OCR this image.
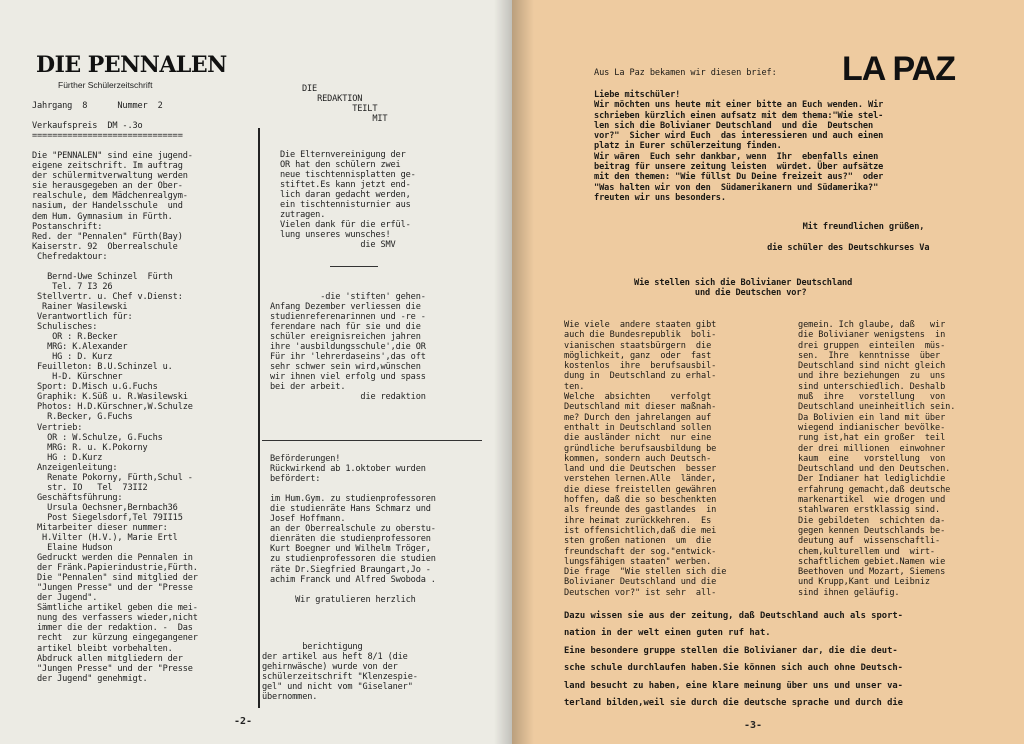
DIE PENNALEN
Fürther Schülerzeitschrift
Jahrgang  8      Nummer  2

Verkaufspreis  DM -.3o
==============================

Die "PENNALEN" sind eine jugend-
eigene zeitschrift. Im auftrag
der schülermitverwaltung werden
sie herausgegeben an der Ober-
realschule, dem Mädchenrealgym-
nasium, der Handelsschule  und
dem Hum. Gymnasium in Fürth.
Postanschrift:
Red. der "Pennalen" Fürth(Bay)
Kaiserstr. 92  Oberrealschule
Chefredaktour:

Bernd-Uwe Schinzel  Fürth
Tel. 7 I3 26
Stellvertr. u. Chef v.Dienst:
Rainer Wasilewski
Verantwortlich für:
Schulisches:
OR : R.Becker
MRG: K.Alexander
HG : D. Kurz
Feuilleton: B.U.Schinzel u.
H-D. Kürschner
Sport: D.Misch u.G.Fuchs
Graphik: K.Süß u. R.Wasilewski
Photos: H.D.Kürschner,W.Schulze
R.Becker, G.Fuchs
Vertrieb:
OR : W.Schulze, G.Fuchs
MRG: R. u. K.Pokorny
HG : D.Kurz
Anzeigenleitung:
Renate Pokorny, Fürth,Schul -
str. IO   Tel  73II2
Geschäftsführung:
Ursula Oechsner,Bernbach36
Post Siegelsdorf,Tel 79II15
Mitarbeiter dieser nummer:
H.Vilter (H.V.), Marie Ertl
Elaine Hudson
Gedruckt werden die Pennalen in
der Fränk.Papierindustrie,Fürth.
Die "Pennalen" sind mitglied der
"Jungen Presse" und der "Presse
der Jugend".
Sämtliche artikel geben die mei-
nung des verfassers wieder,nicht
immer die der redaktion. -  Das
recht  zur kürzung eingegangener
artikel bleibt vorbehalten.
Abdruck allen mitgliedern der
"Jungen Presse" und der "Presse
der Jugend" genehmigt.
DIE
REDAKTION
TEILT
MIT
Die Elternvereinigung der
OR hat den schülern zwei
neue tischtennisplatten ge-
stiftet.Es kann jetzt end-
lich daran gedacht werden,
ein tischtennisturnier aus
zutragen.
Vielen dank für die erfül-
lung unseres wunsches!
die SMV
-die 'stiften' gehen-
Anfang Dezember verliessen die
studienreferenarinnen und -re -
ferendare nach für sie und die
schüler ereignisreichen jahren
ihre 'ausbildungsschule',die OR
Für ihr 'lehrerdaseins',das oft
sehr schwer sein wird,wünschen
wir ihnen viel erfolg und spass
bei der arbeit.
die redaktion
Beförderungen!
Rückwirkend ab 1.oktober wurden
befördert:

im Hum.Gym. zu studienprofessoren
die studienräte Hans Schmarz und
Josef Hoffmann.
an der Oberrealschule zu oberstu-
dienräten die studienprofessoren
Kurt Boegner und Wilhelm Tröger,
zu studienprofessoren die studien
räte Dr.Siegfried Braungart,Jo -
achim Franck und Alfred Swoboda .

Wir gratulieren herzlich
berichtigung
der artikel aus heft 8/1 (die
gehirnwäsche) wurde von der
schülerzeitschrift "Klenzespie-
gel" und nicht vom "Giselaner"
übernommen.
-2-
Aus La Paz bekamen wir diesen brief: LA PAZ
Liebe mitschüler!
Wir möchten uns heute mit einer bitte an Euch wenden. Wir
schrieben kürzlich einen aufsatz mit dem thema:"Wie stel-
len sich die Bolivianer Deutschland  und die  Deutschen
vor?"  Sicher wird Euch  das interessieren und auch einen
platz in Eurer schülerzeitung finden.
Wir wären  Euch sehr dankbar, wenn  Ihr  ebenfalls einen
beitrag für unsere zeitung leisten  würdet. Über aufsätze
mit den themen: "Wie füllst Du Deine freizeit aus?"  oder
"Was halten wir von den  Südamerikanern und Südamerika?"
freuten wir uns besonders.
Mit freundlichen grüßen,

die schüler des Deutschkurses Va
Wie stellen sich die Bolivianer Deutschland
und die Deutschen vor?
Wie viele  andere staaten gibt
auch die Bundesrepublik  boli-
vianischen staatsbürgern  die
möglichkeit, ganz  oder  fast
kostenlos  ihre  berufsausbil-
dung in  Deutschland zu erhal-
ten.
Welche  absichten    verfolgt
Deutschland mit dieser maßnah-
me? Durch den jahrelangen auf
enthalt in Deutschland sollen
die ausländer nicht  nur eine
gründliche berufsausbildung be
kommen, sondern auch Deutsch-
land und die Deutschen  besser
verstehen lernen.Alle  länder,
die diese freistellen gewähren
hoffen, daß die so beschenkten
als freunde des gastlandes  in
ihre heimat zurückkehren.  Es
ist offensichtlich,daß die mei
sten großen nationen  um  die
freundschaft der sog."entwick-
lungsfähigen staaten" werben.
Die frage  "Wie stellen sich die
Bolivianer Deutschland und die
Deutschen vor?" ist sehr  all-
gemein. Ich glaube, daß   wir
die Bolivianer wenigstens  in
drei gruppen  einteilen  müs-
sen.  Ihre  kenntnisse  über
Deutschland sind nicht gleich
und ihre beziehungen  zu  uns
sind unterschiedlich. Deshalb
muß  ihre   vorstellung   von
Deutschland uneinheitlich sein.
Da Bolivien ein land mit über
wiegend indianischer bevölke-
rung ist,hat ein großer  teil
der drei millionen  einwohner
kaum  eine   vorstellung  von
Deutschland und den Deutschen.
Der Indianer hat lediglichdie
erfahrung gemacht,daß deutsche
markenartikel  wie drogen und
stahlwaren erstklassig sind.
Die gebildeten  schichten da-
gegen kennen Deutschlands be-
deutung auf  wissenschaftli-
chem,kulturellem und  wirt-
schaftlichem gebiet.Namen wie
Beethoven und Mozart, Siemens
und Krupp,Kant und Leibniz
sind ihnen geläufig.
Dazu wissen sie aus der zeitung, daß Deutschland auch als sport-
nation in der welt einen guten ruf hat.
Eine besondere gruppe stellen die Bolivianer dar, die die deut-
sche schule durchlaufen haben.Sie können sich auch ohne Deutsch-
land besucht zu haben, eine klare meinung über uns und unser va-
terland bilden,weil sie durch die deutsche sprache und durch die
-3-
